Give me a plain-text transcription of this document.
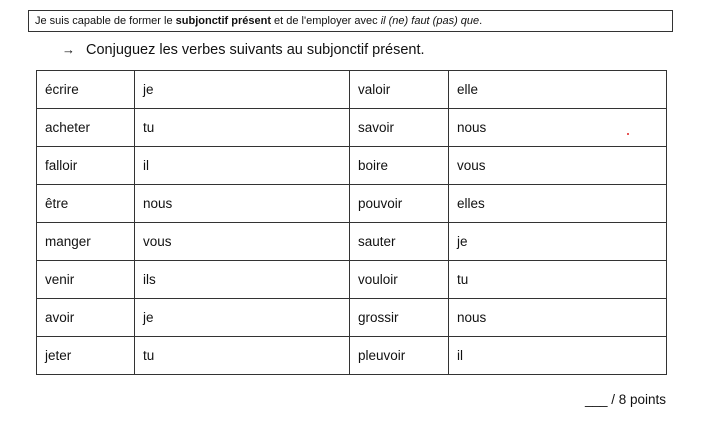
Je suis capable de former le subjonctif présent et de l'employer avec il (ne) faut (pas) que.
→ Conjuguez les verbes suivants au subjonctif présent.
écrire	je	valoir	elle
acheter	tu	savoir	nous
falloir	il	boire	vous
être	nous	pouvoir	elles
manger	vous	sauter	je
venir	ils	vouloir	tu
avoir	je	grossir	nous
jeter	tu	pleuvoir	il
___ / 8 points
